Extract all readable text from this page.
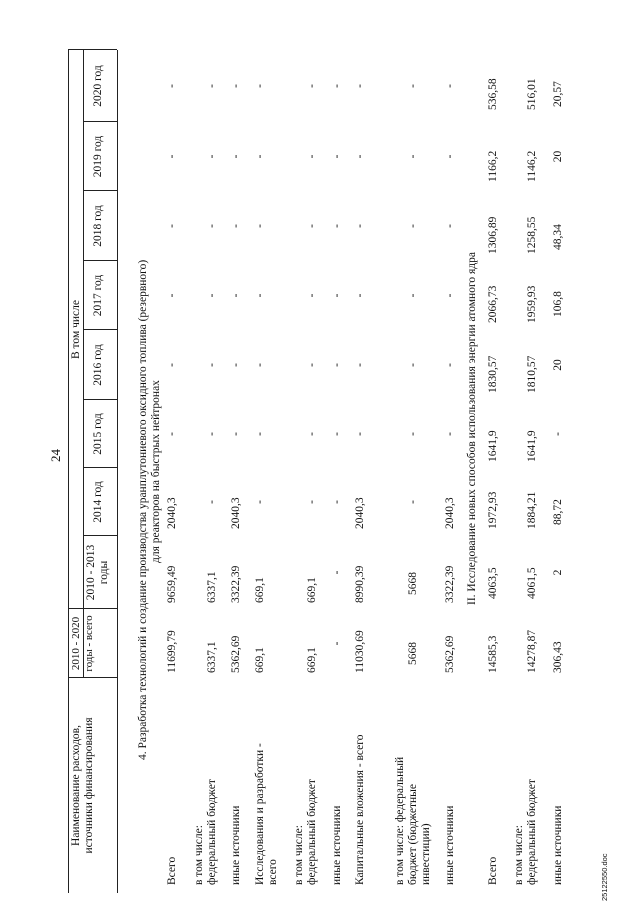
24
25122550.doc
Наименование расходов, источники финансирования
2010 - 2020 годы - всего
В том числе
2010 - 2013 годы
2014 год
2015 год
2016 год
2017 год
2018 год
2019 год
2020 год
4. Разработка технологий и создание производства уранплутониевого оксидного топлива (резервного) для реакторов на быстрых нейтронах
Всего в том числе: федеральный бюджет иные источники Исследования и разработки - всего в том числе: федеральный бюджет иные источники Капитальные вложения - всего в том числе: федеральный бюджет (бюджетные инвестиции) иные источники
11699,79
9659,49
2040,3
-
-
-
-
-
-
6337,1
6337,1
-
-
-
-
-
-
-
5362,69
3322,39
2040,3
-
-
-
-
-
-
669,1
669,1
-
-
-
-
-
-
-
669,1
669,1
-
-
-
-
-
-
-
-
-
-
-
-
-
-
-
-
11030,69
8990,39
2040,3
-
-
-
-
-
-
5668
5668
-
-
-
-
-
-
-
5362,69
3322,39
2040,3
-
-
-
-
-
-
II. Исследование новых способов использования энергии атомного ядра
Всего в том числе: федеральный бюджет иные источники
14585,3
4063,5
1972,93
1641,9
1830,57
2066,73
1306,89
1166,2
536,58
14278,87
4061,5
1884,21
1641,9
1810,57
1959,93
1258,55
1146,2
516,01
306,43
2
88,72
-
20
106,8
48,34
20
20,57
